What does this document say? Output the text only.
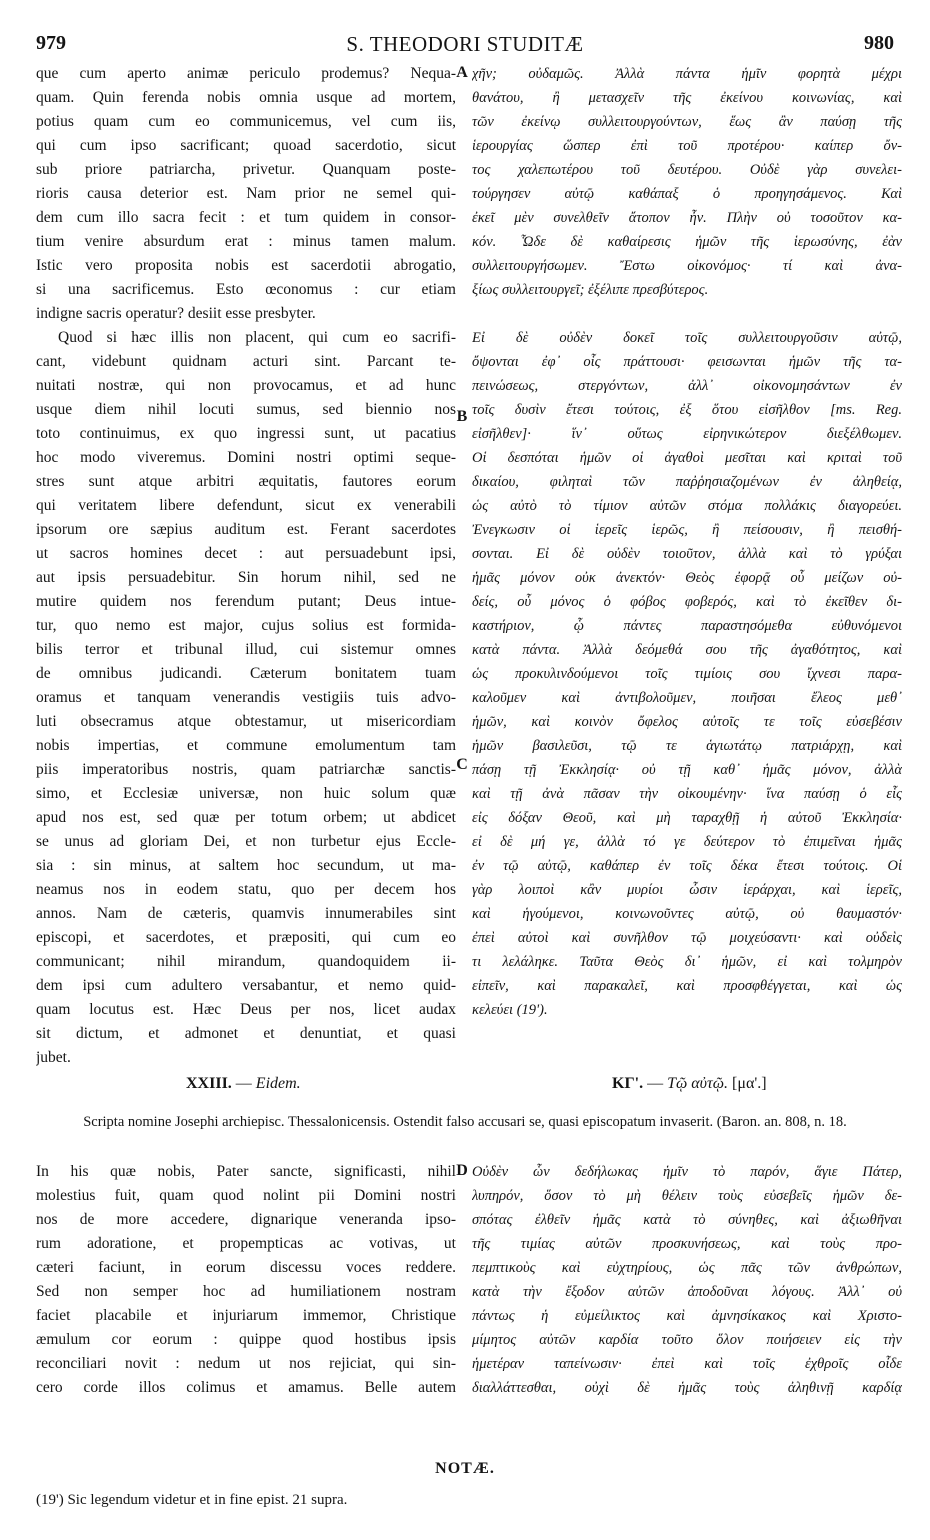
979	S. THEODORI STUDITÆ	980
que cum aperto animæ periculo prodemus? Nequa-
quam. Quin ferenda nobis omnia usque ad mortem,
potius quam cum eo communicemus, vel cum iis,
qui cum ipso sacrificant; quoad sacerdotio, sicut
sub priore patriarcha, privetur. Quanquam poste-
rioris causa deterior est. Nam prior ne semel qui-
dem cum illo sacra fecit : et tum quidem in consor-
tium venire absurdum erat : minus tamen malum.
Istic vero proposita nobis est sacerdotii abrogatio,
si una sacrificemus. Esto œconomus : cur etiam
indigne sacris operatur? desiit esse presbyter.
Quod si hæc illis non placent, qui cum eo sacrifi-
cant, videbunt quidnam acturi sint. Parcant te-
nuitati nostræ, qui non provocamus, et ad hunc
usque diem nihil locuti sumus, sed biennio nos
toto continuimus, ex quo ingressi sunt, ut pacatius
hoc modo viveremus. Domini nostri optimi seque-
stres sunt atque arbitri æquitatis, fautores eorum
qui veritatem libere defendunt, sicut ex venerabili
ipsorum ore sæpius auditum est. Ferant sacerdotes
ut sacros homines decet : aut persuadebunt ipsi,
aut ipsis persuadebitur. Sin horum nihil, sed ne
mutire quidem nos ferendum putant; Deus intue-
tur, quo nemo est major, cujus solius est formida-
bilis terror et tribunal illud, cui sistemur omnes
de omnibus judicandi. Cæterum bonitatem tuam
oramus et tanquam venerandis vestigiis tuis advo-
luti obsecramus atque obtestamur, ut misericordiam
nobis impertias, et commune emolumentum tam
piis imperatoribus nostris, quam patriarchæ sanctis-
simo, et Ecclesiæ universæ, non huic solum quæ
apud nos est, sed quæ per totum orbem; ut abdicet
se unus ad gloriam Dei, et non turbetur ejus Eccle-
sia : sin minus, at saltem hoc secundum, ut ma-
neamus nos in eodem statu, quo per decem hos
annos. Nam de cæteris, quamvis innumerabiles sint
episcopi, et sacerdotes, et præpositi, qui cum eo
communicant; nihil mirandum, quandoquidem ii-
dem ipsi cum adultero versabantur, et nemo quid-
quam locutus est. Hæc Deus per nos, licet audax
sit dictum, et admonet et denuntiat, et quasi
jubet.
χῆν; οὐδαμῶς. Ἀλλὰ πάντα ἡμῖν φορητὰ μέχρι
θανάτου, ἢ μετασχεῖν τῆς ἐκείνου κοινωνίας, καὶ
τῶν ἐκείνῳ συλλειτουργούντων, ἕως ἂν παύσῃ τῆς
ἱερουργίας ὥσπερ ἐπὶ τοῦ προτέρου· καίπερ ὄν-
τος χαλεπωτέρου τοῦ δευτέρου. Οὐδὲ γὰρ συνελει-
τούργησεν αὐτῷ καθάπαξ ὁ προηγησάμενος. Καὶ
ἐκεῖ μὲν συνελθεῖν ἄτοπον ἦν. Πλὴν οὐ τοσοῦτον κα-
κόν. Ὧδε δὲ καθαίρεσις ἡμῶν τῆς ἱερωσύνης, ἐὰν
συλλειτουργήσωμεν. Ἔστω οἰκονόμος· τί καὶ ἀνα-
ξίως συλλειτουργεῖ; ἐξέλιπε πρεσβύτερος.
Εἰ δὲ οὐδὲν δοκεῖ τοῖς συλλειτουργοῦσιν αὐτῷ,
ὄψονται ἐφ᾽ οἷς πράττουσι· φεισωνται ἡμῶν τῆς τα-
πεινώσεως, στεργόντων, ἀλλ᾽ οἰκονομησάντων ἐν
τοῖς δυσὶν ἔτεσι τούτοις, ἐξ ὅτου εἰσῆλθον [ms. Reg.
εἰσῆλθεν]· ἵν᾽ οὕτως εἰρηνικώτερον διεξέλθωμεν.
Οἱ δεσπόται ἡμῶν οἱ ἀγαθοὶ μεσῖται καὶ κριταὶ τοῦ
δικαίου, φιληταὶ τῶν παῤῥησιαζομένων ἐν ἀληθείᾳ,
ὡς αὐτὸ τὸ τίμιον αὐτῶν στόμα πολλάκις διαγορεύει.
Ἐνεγκωσιν οἱ ἱερεῖς ἱερῶς, ἢ πείσουσιν, ἢ πεισθή-
σονται. Εἰ δὲ οὐδὲν τοιοῦτον, ἀλλὰ καὶ τὸ γρύξαι
ἡμᾶς μόνον οὐκ ἀνεκτόν· Θεὸς ἐφορᾷ οὗ μείζων οὐ-
δείς, οὗ μόνος ὁ φόβος φοβερός, καὶ τὸ ἐκεῖθεν δι-
καστήριον, ᾧ πάντες παραστησόμεθα εὐθυνόμενοι
κατὰ πάντα. Ἀλλὰ δεόμεθά σου τῆς ἀγαθότητος, καὶ
ὡς προκυλινδούμενοι τοῖς τιμίοις σου ἴχνεσι παρα-
καλοῦμεν καὶ ἀντιβολοῦμεν, ποιῆσαι ἔλεος μεθ᾽
ἡμῶν, καὶ κοινὸν ὄφελος αὐτοῖς τε τοῖς εὐσεβέσιν
ἡμῶν βασιλεῦσι, τῷ τε ἁγιωτάτῳ πατριάρχῃ, καὶ
πάσῃ τῇ Ἐκκλησίᾳ· οὐ τῇ καθ᾽ ἡμᾶς μόνον, ἀλλὰ
καὶ τῇ ἀνὰ πᾶσαν τὴν οἰκουμένην· ἵνα παύσῃ ὁ εἷς
εἰς δόξαν Θεοῦ, καὶ μὴ ταραχθῇ ἡ αὐτοῦ Ἐκκλησία·
εἰ δὲ μή γε, ἀλλὰ τό γε δεύτερον τὸ ἐπιμεῖναι ἡμᾶς
ἐν τῷ αὐτῷ, καθάπερ ἐν τοῖς δέκα ἔτεσι τούτοις. Οἱ
γὰρ λοιποὶ κἂν μυρίοι ὦσιν ἱεράρχαι, καὶ ἱερεῖς,
καὶ ἡγούμενοι, κοινωνοῦντες αὐτῷ, οὐ θαυμαστόν·
ἐπεὶ αὐτοὶ καὶ συνῆλθον τῷ μοιχεύσαντι· καὶ οὐδεὶς
τι λελάληκε. Ταῦτα Θεὸς δι᾽ ἡμῶν, εἰ καὶ τολμηρὸν
εἰπεῖν, καὶ παρακαλεῖ, καὶ προσφθέγγεται, καὶ ὡς
κελεύει (19').
A
B
C
XXIII. — Eidem.	ΚΓ'. — Τῷ αὐτῷ. [μα'.]
Scripta nomine Josephi archiepisc. Thessalonicensis. Ostendit falso accusari se, quasi episcopatum invaserit. (Baron. an. 808, n. 18.
In his quæ nobis, Pater sancte, significasti, nihil
molestius fuit, quam quod nolint pii Domini nostri
nos de more accedere, dignarique veneranda ipso-
rum adoratione, et propempticas ac votivas, ut
cæteri faciunt, in eorum discessu voces reddere.
Sed non semper hoc ad humiliationem nostram
faciet placabile et injuriarum immemor, Christique
æmulum cor eorum : quippe quod hostibus ipsis
reconciliari novit : nedum ut nos rejiciat, qui sin-
cero corde illos colimus et amamus. Belle autem
Οὐδὲν ὧν δεδήλωκας ἡμῖν τὸ παρόν, ἅγιε Πάτερ,
λυπηρόν, ὅσον τὸ μὴ θέλειν τοὺς εὐσεβεῖς ἡμῶν δε-
σπότας ἐλθεῖν ἡμᾶς κατὰ τὸ σύνηθες, καὶ ἀξιωθῆναι
τῆς τιμίας αὐτῶν προσκυνήσεως, καὶ τοὺς προ-
πεμπτικοὺς καὶ εὐχτηρίους, ὡς πᾶς τῶν ἀνθρώπων,
κατὰ τὴν ἔξοδον αὐτῶν ἀποδοῦναι λόγους. Ἀλλ᾽ οὐ
πάντως ἡ εὐμείλικτος καὶ ἀμνησίκακος καὶ Χριστο-
μίμητος αὐτῶν καρδία τοῦτο ὅλον ποιήσειεν εἰς τὴν
ἡμετέραν ταπείνωσιν· ἐπεὶ καὶ τοῖς ἐχθροῖς οἶδε
διαλλάττεσθαι, οὐχὶ δὲ ἡμᾶς τοὺς ἀληθινῇ καρδίᾳ
D
NOTÆ.
(19') Sic legendum videtur et in fine epist. 21 supra.
